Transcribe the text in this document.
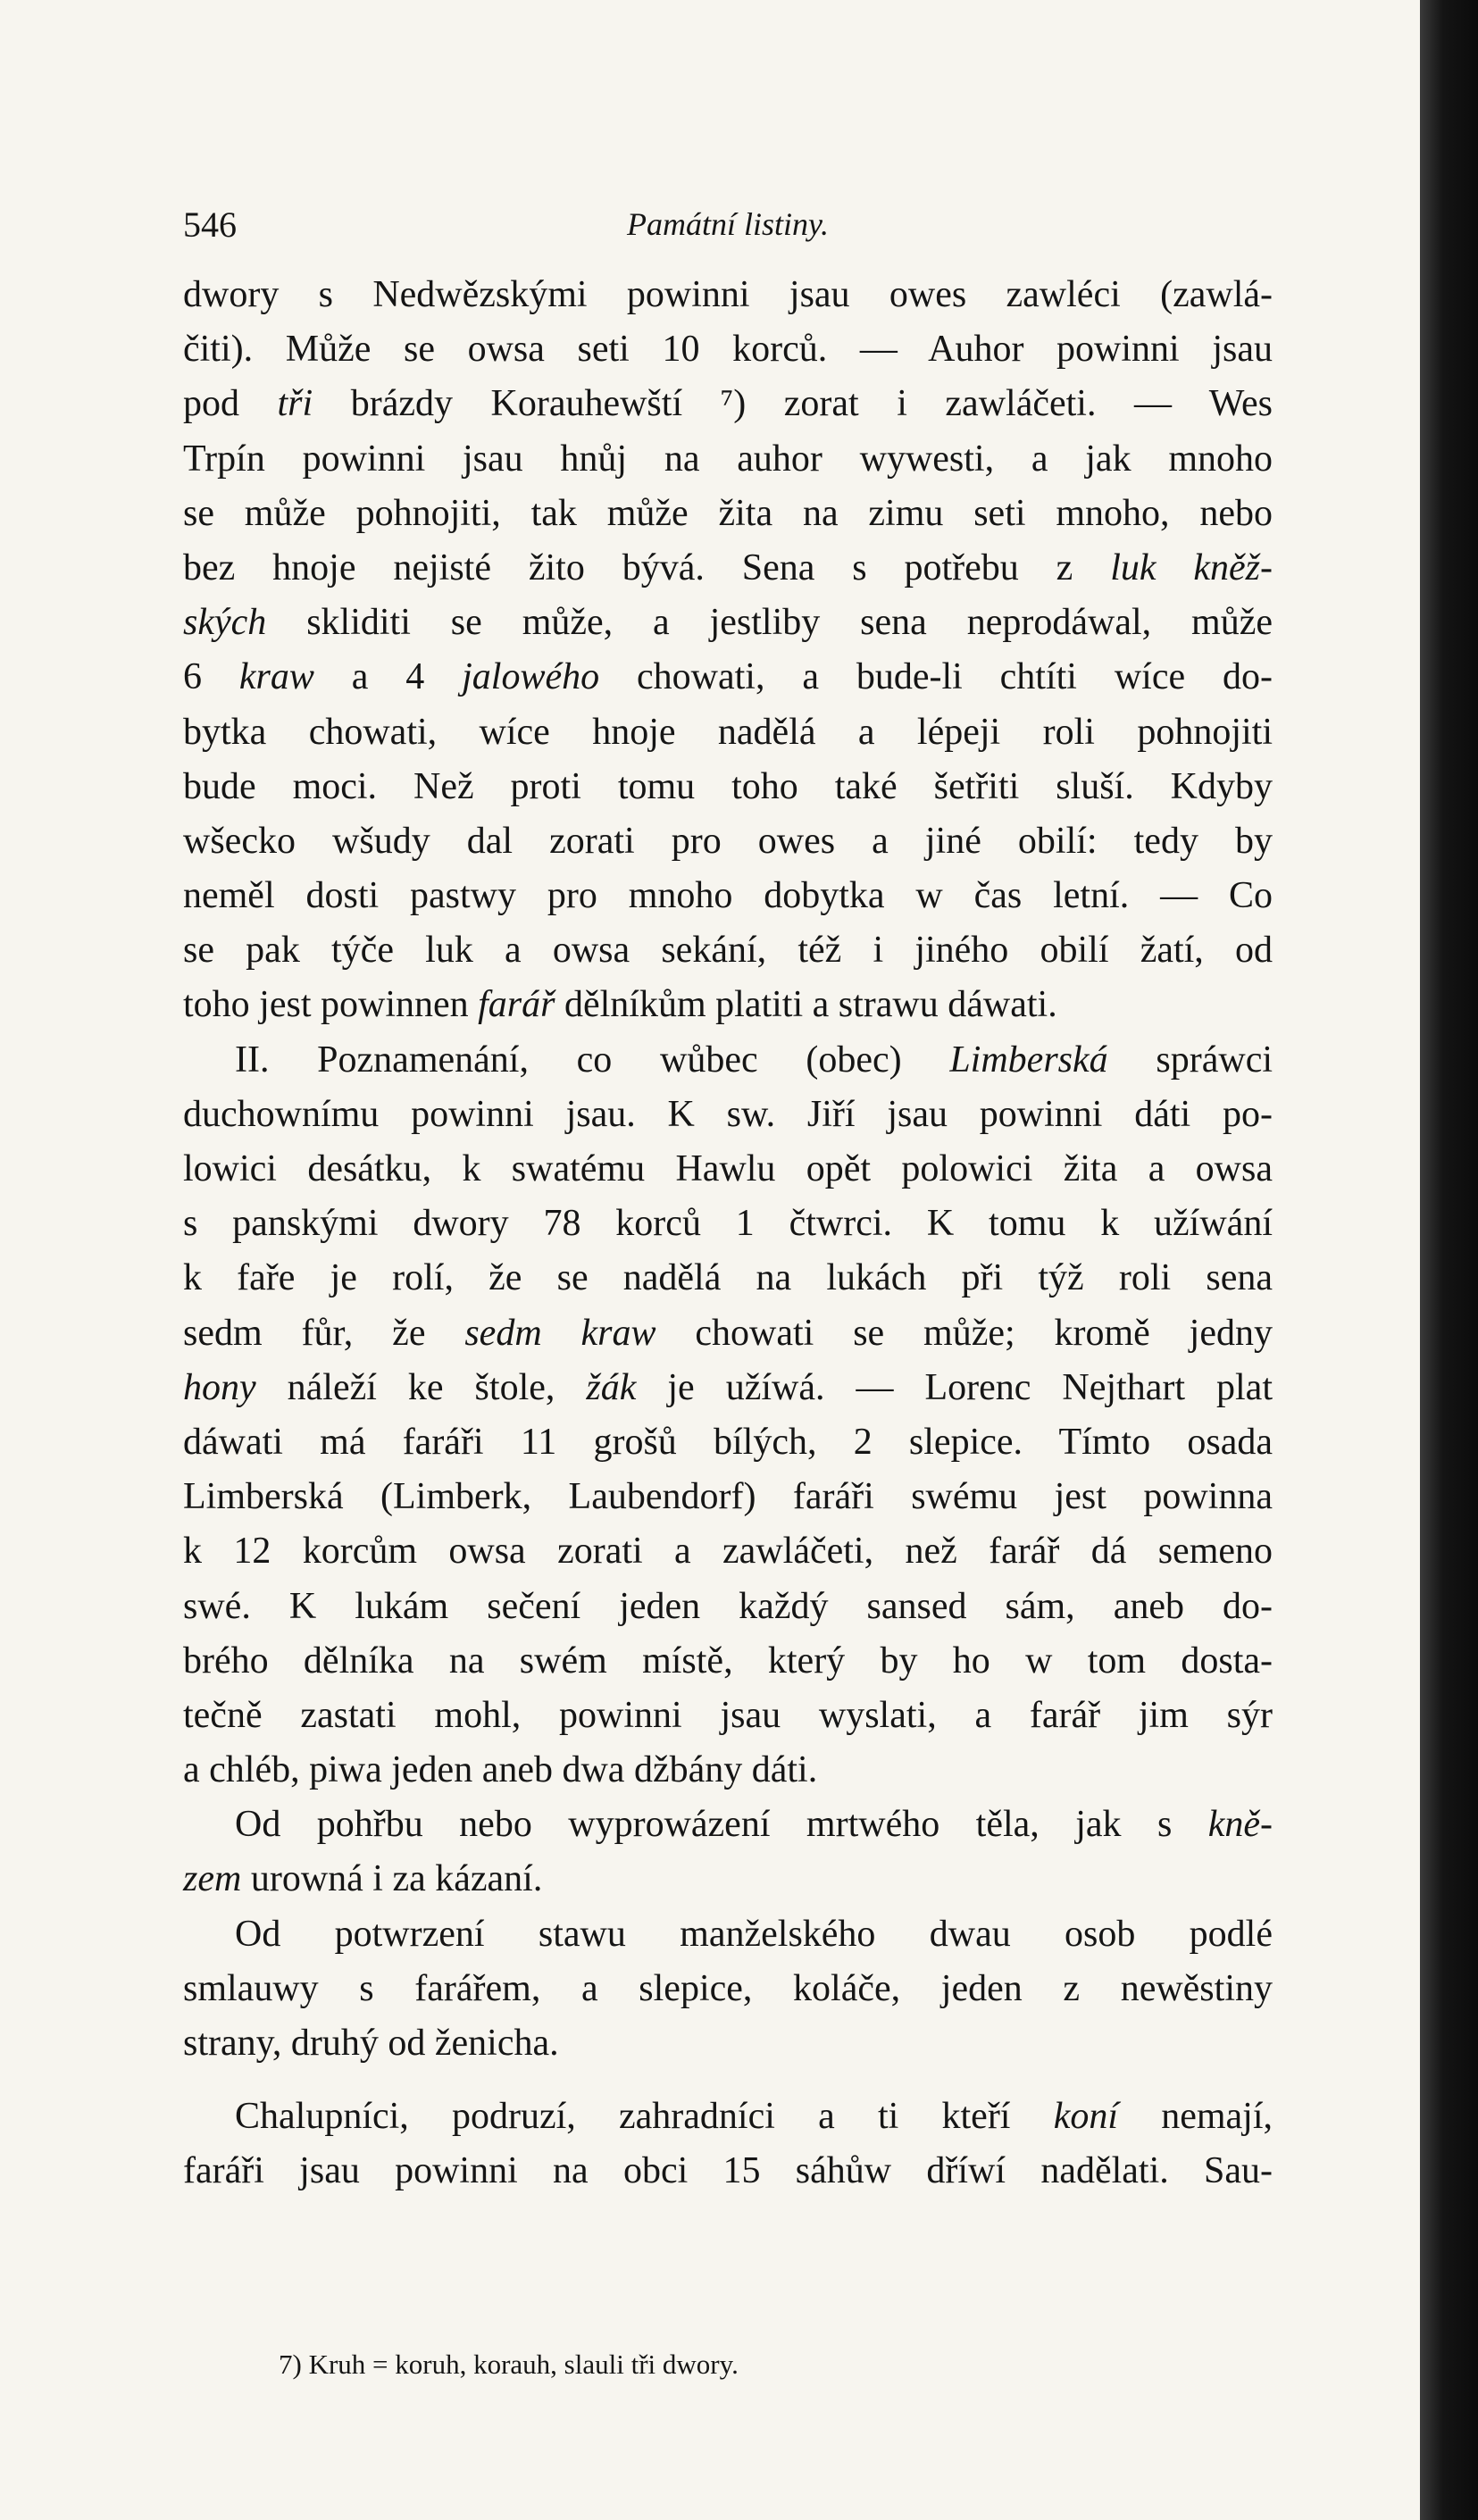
546	Památní listiny.
dwory s Nedwězskými powinni jsau owes zawléci (zawlá-
čiti). Může se owsa seti 10 korců. — Auhor powinni jsau
pod tři brázdy Korauhewští ⁷) zorat i zawláčeti. — Wes
Trpín powinni jsau hnůj na auhor wywesti, a jak mnoho
se může pohnojiti, tak může žita na zimu seti mnoho, nebo
bez hnoje nejisté žito bývá. Sena s potřebu z luk kněž-
ských skliditi se může, a jestliby sena neprodáwal, může
6 kraw a 4 jalowého chowati, a bude-li chtíti wíce do-
bytka chowati, wíce hnoje nadělá a lépeji roli pohnojiti
bude moci. Než proti tomu toho také šetřiti sluší. Kdyby
wšecko wšudy dal zorati pro owes a jiné obilí: tedy by
neměl dosti pastwy pro mnoho dobytka w čas letní. — Co
se pak týče luk a owsa sekání, též i jiného obilí žatí, od
toho jest powinnen farář dělníkům platiti a strawu dáwati.
II. Poznamenání, co wůbec (obec) Limberská spráwci
duchownímu powinni jsau. K sw. Jiří jsau powinni dáti po-
lowici desátku, k swatému Hawlu opět polowici žita a owsa
s panskými dwory 78 korců 1 čtwrci. K tomu k užíwání
k faře je rolí, že se nadělá na lukách při týž roli sena
sedm fůr, že sedm kraw chowati se může; kromě jedny
hony náleží ke štole, žák je užíwá. — Lorenc Nejthart plat
dáwati má faráři 11 grošů bílých, 2 slepice. Tímto osada
Limberská (Limberk, Laubendorf) faráři swému jest powinna
k 12 korcům owsa zorati a zawláčeti, než farář dá semeno
swé. K lukám sečení jeden každý sansed sám, aneb do-
brého dělníka na swém místě, který by ho w tom dosta-
tečně zastati mohl, powinni jsau wyslati, a farář jim sýr
a chléb, piwa jeden aneb dwa džbány dáti.
Od pohřbu nebo wyprowázení mrtwého těla, jak s kně-
zem urowná i za kázaní.
Od potwrzení stawu manželského dwau osob podlé
smlauwy s farářem, a slepice, koláče, jeden z newěstiny
strany, druhý od ženicha.
Chalupníci, podruzí, zahradníci a ti kteří koní nemají,
faráři jsau powinni na obci 15 sáhůw dříwí nadělati. Sau-
7) Kruh = koruh, korauh, slauli tři dwory.
